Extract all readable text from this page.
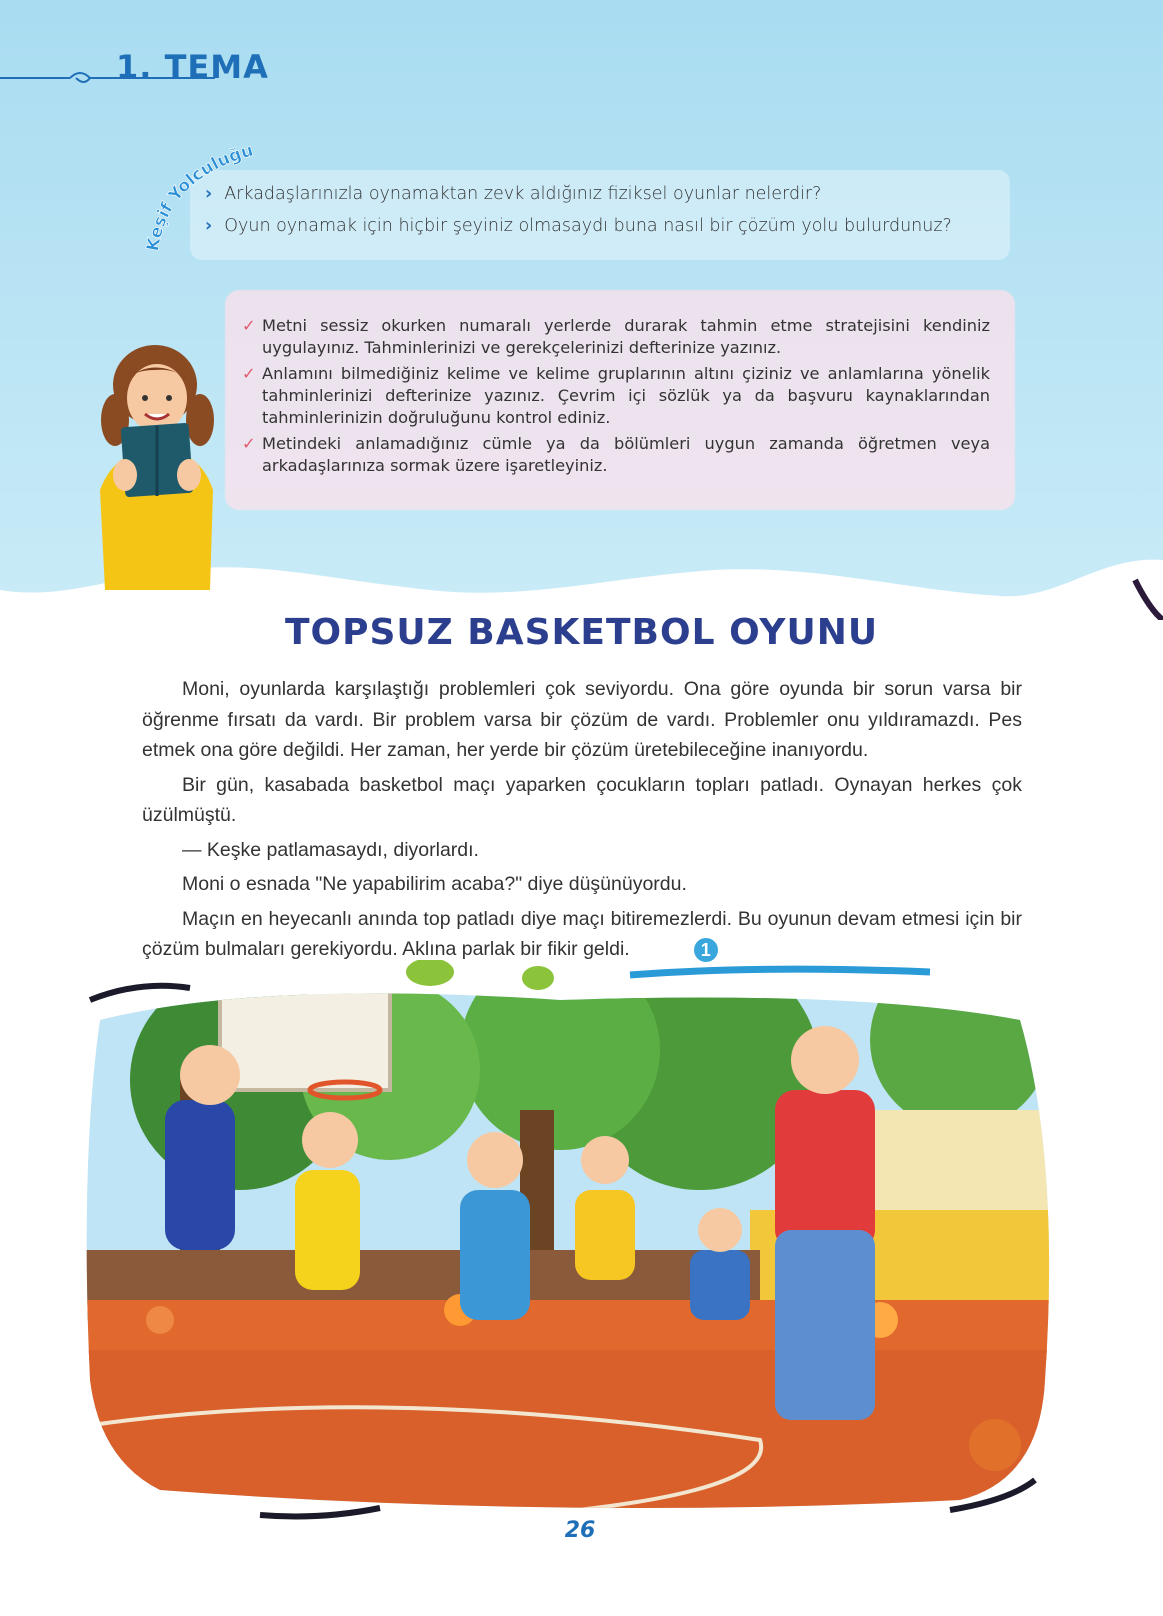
1. TEMA
Keşif Yolculuğu
› Arkadaşlarınızla oynamaktan zevk aldığınız fiziksel oyunlar nelerdir?
› Oyun oynamak için hiçbir şeyiniz olmasaydı buna nasıl bir çözüm yolu bulurdunuz?
✓ Metni sessiz okurken numaralı yerlerde durarak tahmin etme stratejisini kendiniz uygulayınız. Tahminlerinizi ve gerekçelerinizi defterinize yazınız.
✓ Anlamını bilmediğiniz kelime ve kelime gruplarının altını çiziniz ve anlamlarına yönelik tahminlerinizi defterinize yazınız. Çevrim içi sözlük ya da başvuru kaynaklarından tahminlerinizin doğruluğunu kontrol ediniz.
✓ Metindeki anlamadığınız cümle ya da bölümleri uygun zamanda öğretmen veya arkadaşlarınıza sormak üzere işaretleyiniz.
TOPSUZ BASKETBOL OYUNU

Moni, oyunlarda karşılaştığı problemleri çok seviyordu. Ona göre oyunda bir sorun varsa bir öğrenme fırsatı da vardı. Bir problem varsa bir çözüm de vardı. Problemler onu yıldıramazdı. Pes etmek ona göre değildi. Her zaman, her yerde bir çözüm üretebileceğine inanıyordu.

Bir gün, kasabada basketbol maçı yaparken çocukların topları patladı. Oynayan herkes çok üzülmüştü.

— Keşke patlamasaydı, diyorlardı.

Moni o esnada "Ne yapabilirim acaba?" diye düşünüyordu.

Maçın en heyecanlı anında top patladı diye maçı bitiremezlerdi. Bu oyunun devam etmesi için bir çözüm bulmaları gerekiyordu. Aklına parlak bir fikir geldi.	1

26
